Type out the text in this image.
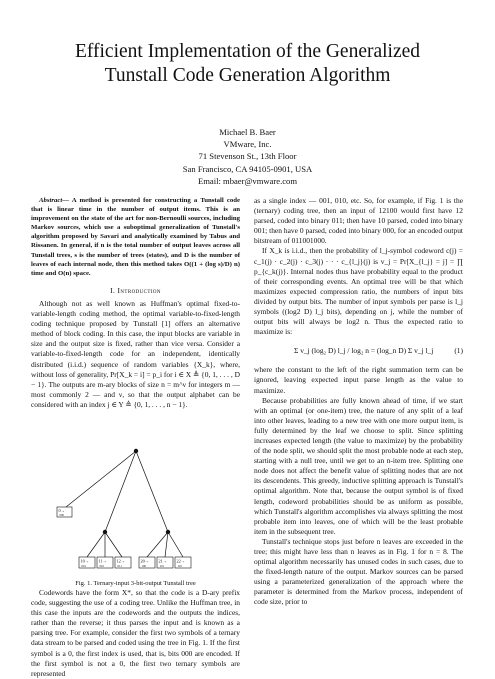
Efficient Implementation of the Generalized
Tunstall Code Generation Algorithm
Michael B. Baer
VMware, Inc.
71 Stevenson St., 13th Floor
San Francisco, CA 94105-0901, USA
Email: mbaer@vmware.com

Abstract— A method is presented for constructing a Tunstall code that is linear time in the number of output items. This is an improvement on the state of the art for non-Bernoulli sources, including Markov sources, which use a suboptimal generalization of Tunstall's algorithm proposed by Savari and analytically examined by Tabus and Rissanen. In general, if n is the total number of output leaves across all Tunstall trees, s is the number of trees (states), and D is the number of leaves of each internal node, then this method takes O((1 + (log s)/D) n) time and O(n) space.

I. Introduction

Although not as well known as Huffman's optimal fixed-to-variable-length coding method, the optimal variable-to-fixed-length coding technique proposed by Tunstall [1] offers an alternative method of block coding. In this case, the input blocks are variable in size and the output size is fixed, rather than vice versa. Consider a variable-to-fixed-length code for an independent, identically distributed (i.i.d.) sequence of random variables {X_k}, where, without loss of generality, Pr[X_k = i] = p_i for i ∈ X ≜ {0, 1, . . . , D − 1}. The outputs are m-ary blocks of size n = m^ν for integers m — most commonly 2 — and ν, so that the output alphabet can be considered with an index j ∈ Y ≜ {0, 1, . . . , n − 1}.

0→
000
10→
001
11→
010
12→
011
20→
100
21→
101
22→
110
Fig. 1. Ternary-input 3-bit-output Tunstall tree

Codewords have the form X*, so that the code is a D-ary prefix code, suggesting the use of a coding tree. Unlike the Huffman tree, in this case the inputs are the codewords and the outputs the indices, rather than the reverse; it thus parses the input and is known as a parsing tree. For example, consider the first two symbols of a ternary data stream to be parsed and coded using the tree in Fig. 1. If the first symbol is a 0, the first index is used, that is, bits 000 are encoded. If the first symbol is not a 0, the first two ternary symbols are represented

as a single index — 001, 010, etc. So, for example, if Fig. 1 is the (ternary) coding tree, then an input of 12100 would first have 12 parsed, coded into binary 011; then have 10 parsed, coded into binary 001; then have 0 parsed, coded into binary 000, for an encoded output bitstream of 011001000.

If X_k is i.i.d., then the probability of l_j-symbol codeword c(j) = c_1(j) · c_2(j) · c_3(j) · · · c_{l_j}(j) is v_j = Pr[X_{l_j} = j] = ∏ p_{c_k(j)}. Internal nodes thus have probability equal to the product of their corresponding events. An optimal tree will be that which maximizes expected compression ratio, the numbers of input bits divided by output bits. The number of input symbols per parse is l_j symbols ((log2 D) l_j bits), depending on j, while the number of output bits will always be log2 n. Thus the expected ratio to maximize is:

Σ v_j (log₂ D) l_j / log₂ n = (log_n D) Σ v_j l_j	(1)

where the constant to the left of the right summation term can be ignored, leaving expected input parse length as the value to maximize.

Because probabilities are fully known ahead of time, if we start with an optimal (or one-item) tree, the nature of any split of a leaf into other leaves, leading to a new tree with one more output item, is fully determined by the leaf we choose to split. Since splitting increases expected length (the value to maximize) by the probability of the node split, we should split the most probable node at each step, starting with a null tree, until we get to an n-item tree. Splitting one node does not affect the benefit value of splitting nodes that are not its descendents. This greedy, inductive splitting approach is Tunstall's optimal algorithm. Note that, because the output symbol is of fixed length, codeword probabilities should be as uniform as possible, which Tunstall's algorithm accomplishes via always splitting the most probable item into leaves, one of which will be the least probable item in the subsequent tree.

Tunstall's technique stops just before n leaves are exceeded in the tree; this might have less than n leaves as in Fig. 1 for n = 8. The optimal algorithm necessarily has unused codes in such cases, due to the fixed-length nature of the output. Markov sources can be parsed using a parameterized generalization of the approach where the parameter is determined from the Markov process, independent of code size, prior to
